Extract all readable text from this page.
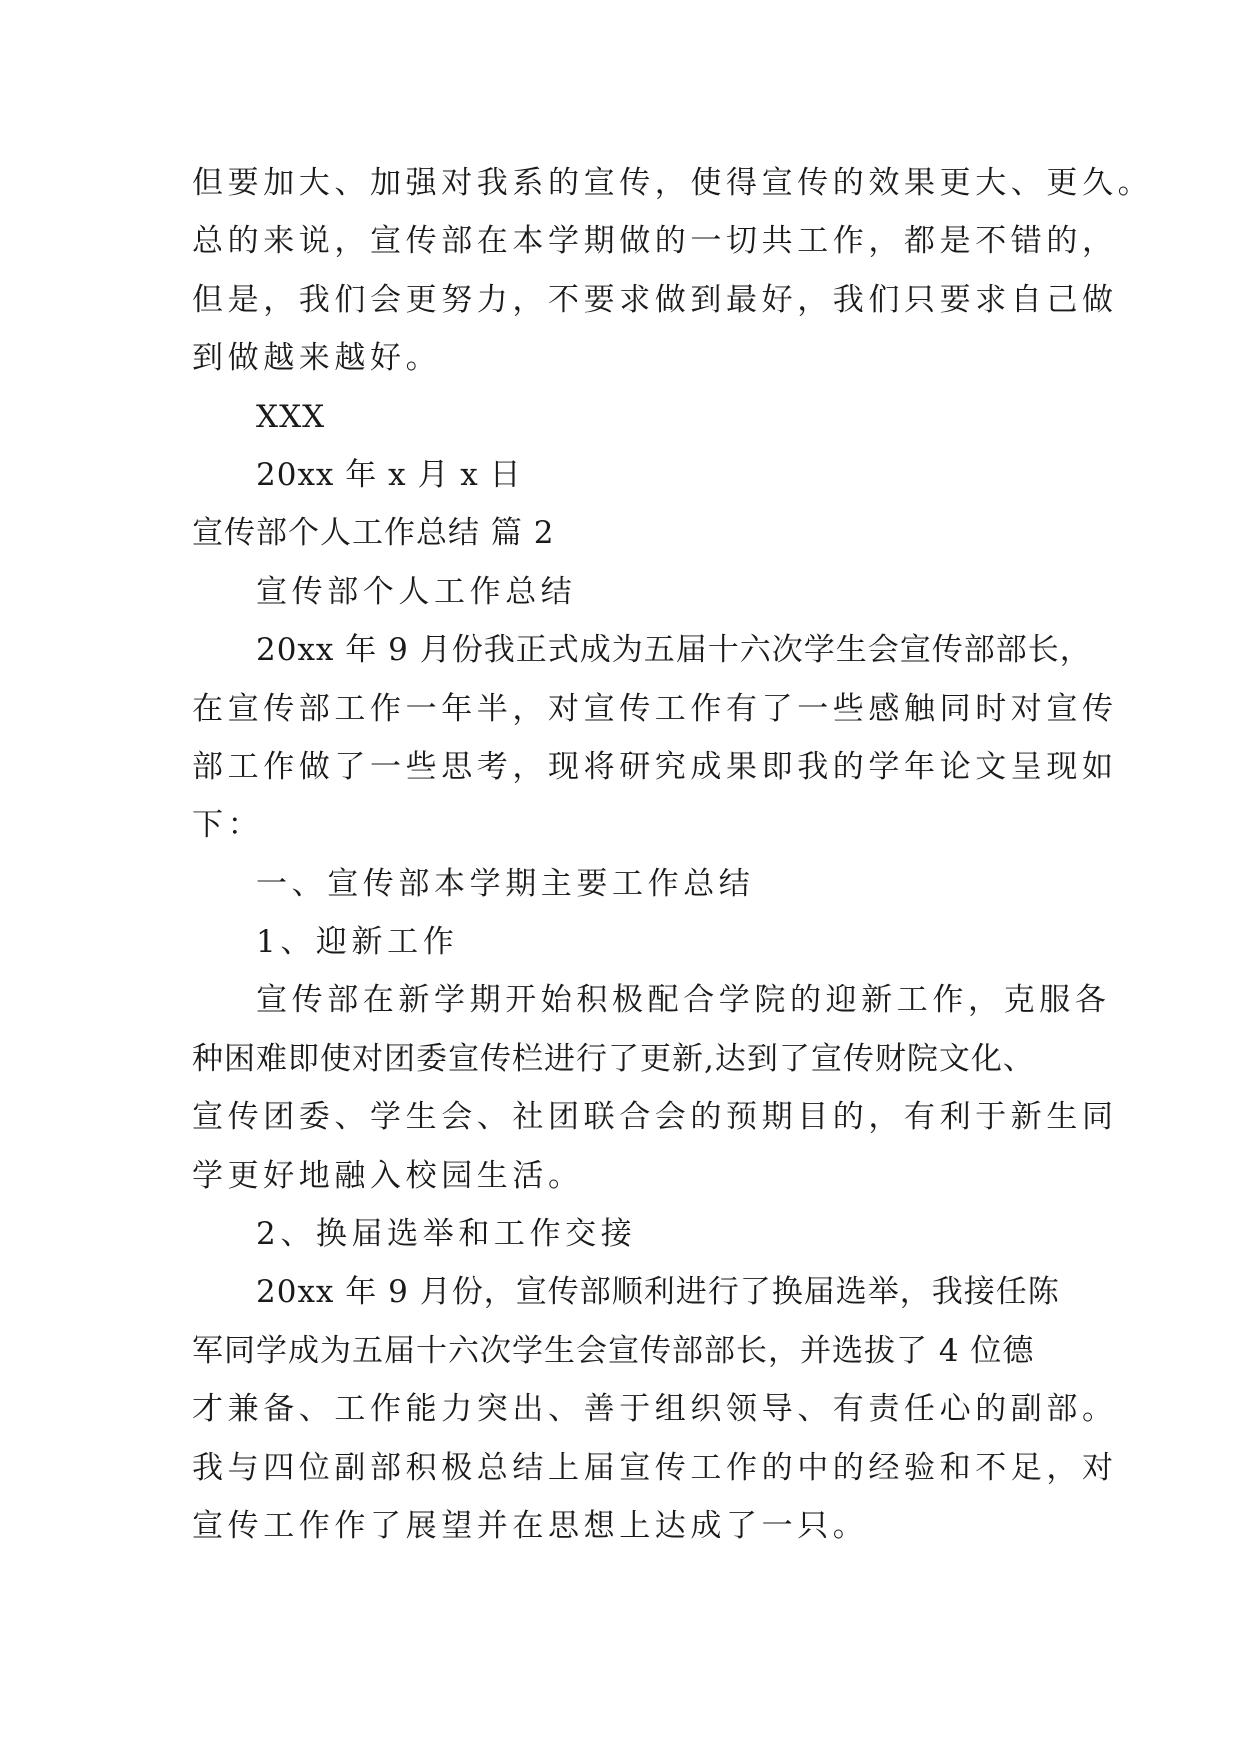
但要加大、加强对我系的宣传，使得宣传的效果更大、更久。
总的来说，宣传部在本学期做的一切共工作，都是不错的，
但是，我们会更努力，不要求做到最好，我们只要求自己做
到做越来越好。
XXX
20xx 年 x 月 x 日
宣传部个人工作总结 篇 2
宣传部个人工作总结
20xx 年 9 月份我正式成为五届十六次学生会宣传部部长，
在宣传部工作一年半，对宣传工作有了一些感触同时对宣传
部工作做了一些思考，现将研究成果即我的学年论文呈现如
下：
一、宣传部本学期主要工作总结
1、迎新工作
宣传部在新学期开始积极配合学院的迎新工作，克服各
种困难即使对团委宣传栏进行了更新,达到了宣传财院文化、
宣传团委、学生会、社团联合会的预期目的，有利于新生同
学更好地融入校园生活。
2、换届选举和工作交接
20xx 年 9 月份，宣传部顺利进行了换届选举，我接任陈
军同学成为五届十六次学生会宣传部部长，并选拔了 4 位德
才兼备、工作能力突出、善于组织领导、有责任心的副部。
我与四位副部积极总结上届宣传工作的中的经验和不足，对
宣传工作作了展望并在思想上达成了一只。
